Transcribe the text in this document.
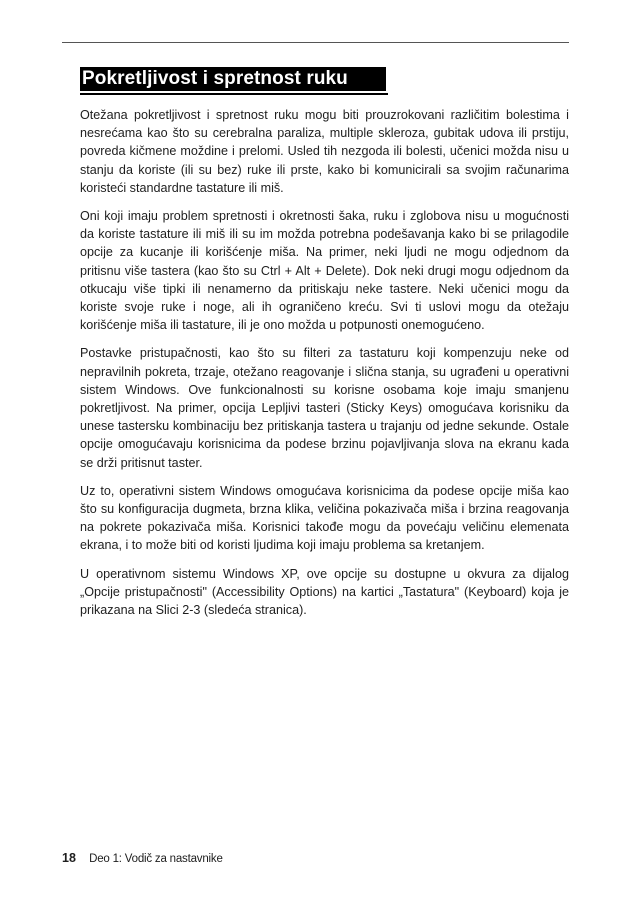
Pokretljivost i spretnost ruku

Otežana pokretljivost i spretnost ruku mogu biti prouzrokovani različitim bolestima i nesrećama kao što su cerebralna paraliza, multiple skleroza, gubitak udova ili prstiju, povreda kičmene moždine i prelomi. Usled tih nezgoda ili bolesti, učenici možda nisu u stanju da koriste (ili su bez) ruke ili prste, kako bi komunicirali sa svojim računarima koristeći standardne tastature ili miš.

Oni koji imaju problem spretnosti i okretnosti šaka, ruku i zglobova nisu u mogućnosti da koriste tastature ili miš ili su im možda potrebna podešavanja kako bi se prilagodile opcije za kucanje ili korišćenje miša. Na primer, neki ljudi ne mogu odjednom da pritisnu više tastera (kao što su Ctrl + Alt + Delete). Dok neki drugi mogu odjednom da otkucaju više tipki ili nenamerno da pritiskaju neke tastere. Neki učenici mogu da koriste svoje ruke i noge, ali ih ograničeno kreću. Svi ti uslovi mogu da otežaju korišćenje miša ili tastature, ili je ono možda u potpunosti onemogućeno.

Postavke pristupačnosti, kao što su filteri za tastaturu koji kompenzuju neke od nepravilnih pokreta, trzaje, otežano reagovanje i slična stanja, su ugrađeni u operativni sistem Windows. Ove funkcionalnosti su korisne osobama koje imaju smanjenu pokretljivost. Na primer, opcija Lepljivi tasteri (Sticky Keys) omogućava korisniku da unese tastersku kombinaciju bez pritiskanja tastera u trajanju od jedne sekunde. Ostale opcije omogućavaju korisnicima da podese brzinu pojavljivanja slova na ekranu kada se drži pritisnut taster.

Uz to, operativni sistem Windows omogućava korisnicima da podese opcije miša kao što su konfiguracija dugmeta, brzna klika, veličina pokazivača miša i brzina reagovanja na pokrete pokazivača miša. Korisnici takođe mogu da povećaju veličinu elemenata ekrana, i to može biti od koristi ljudima koji imaju problema sa kretanjem.

U operativnom sistemu Windows XP, ove opcije su dostupne u okvura za dijalog „Opcije pristupačnosti" (Accessibility Options) na kartici „Tastatura" (Keyboard) koja je prikazana na Slici 2-3 (sledeća stranica).

18 Deo 1: Vodič za nastavnike
